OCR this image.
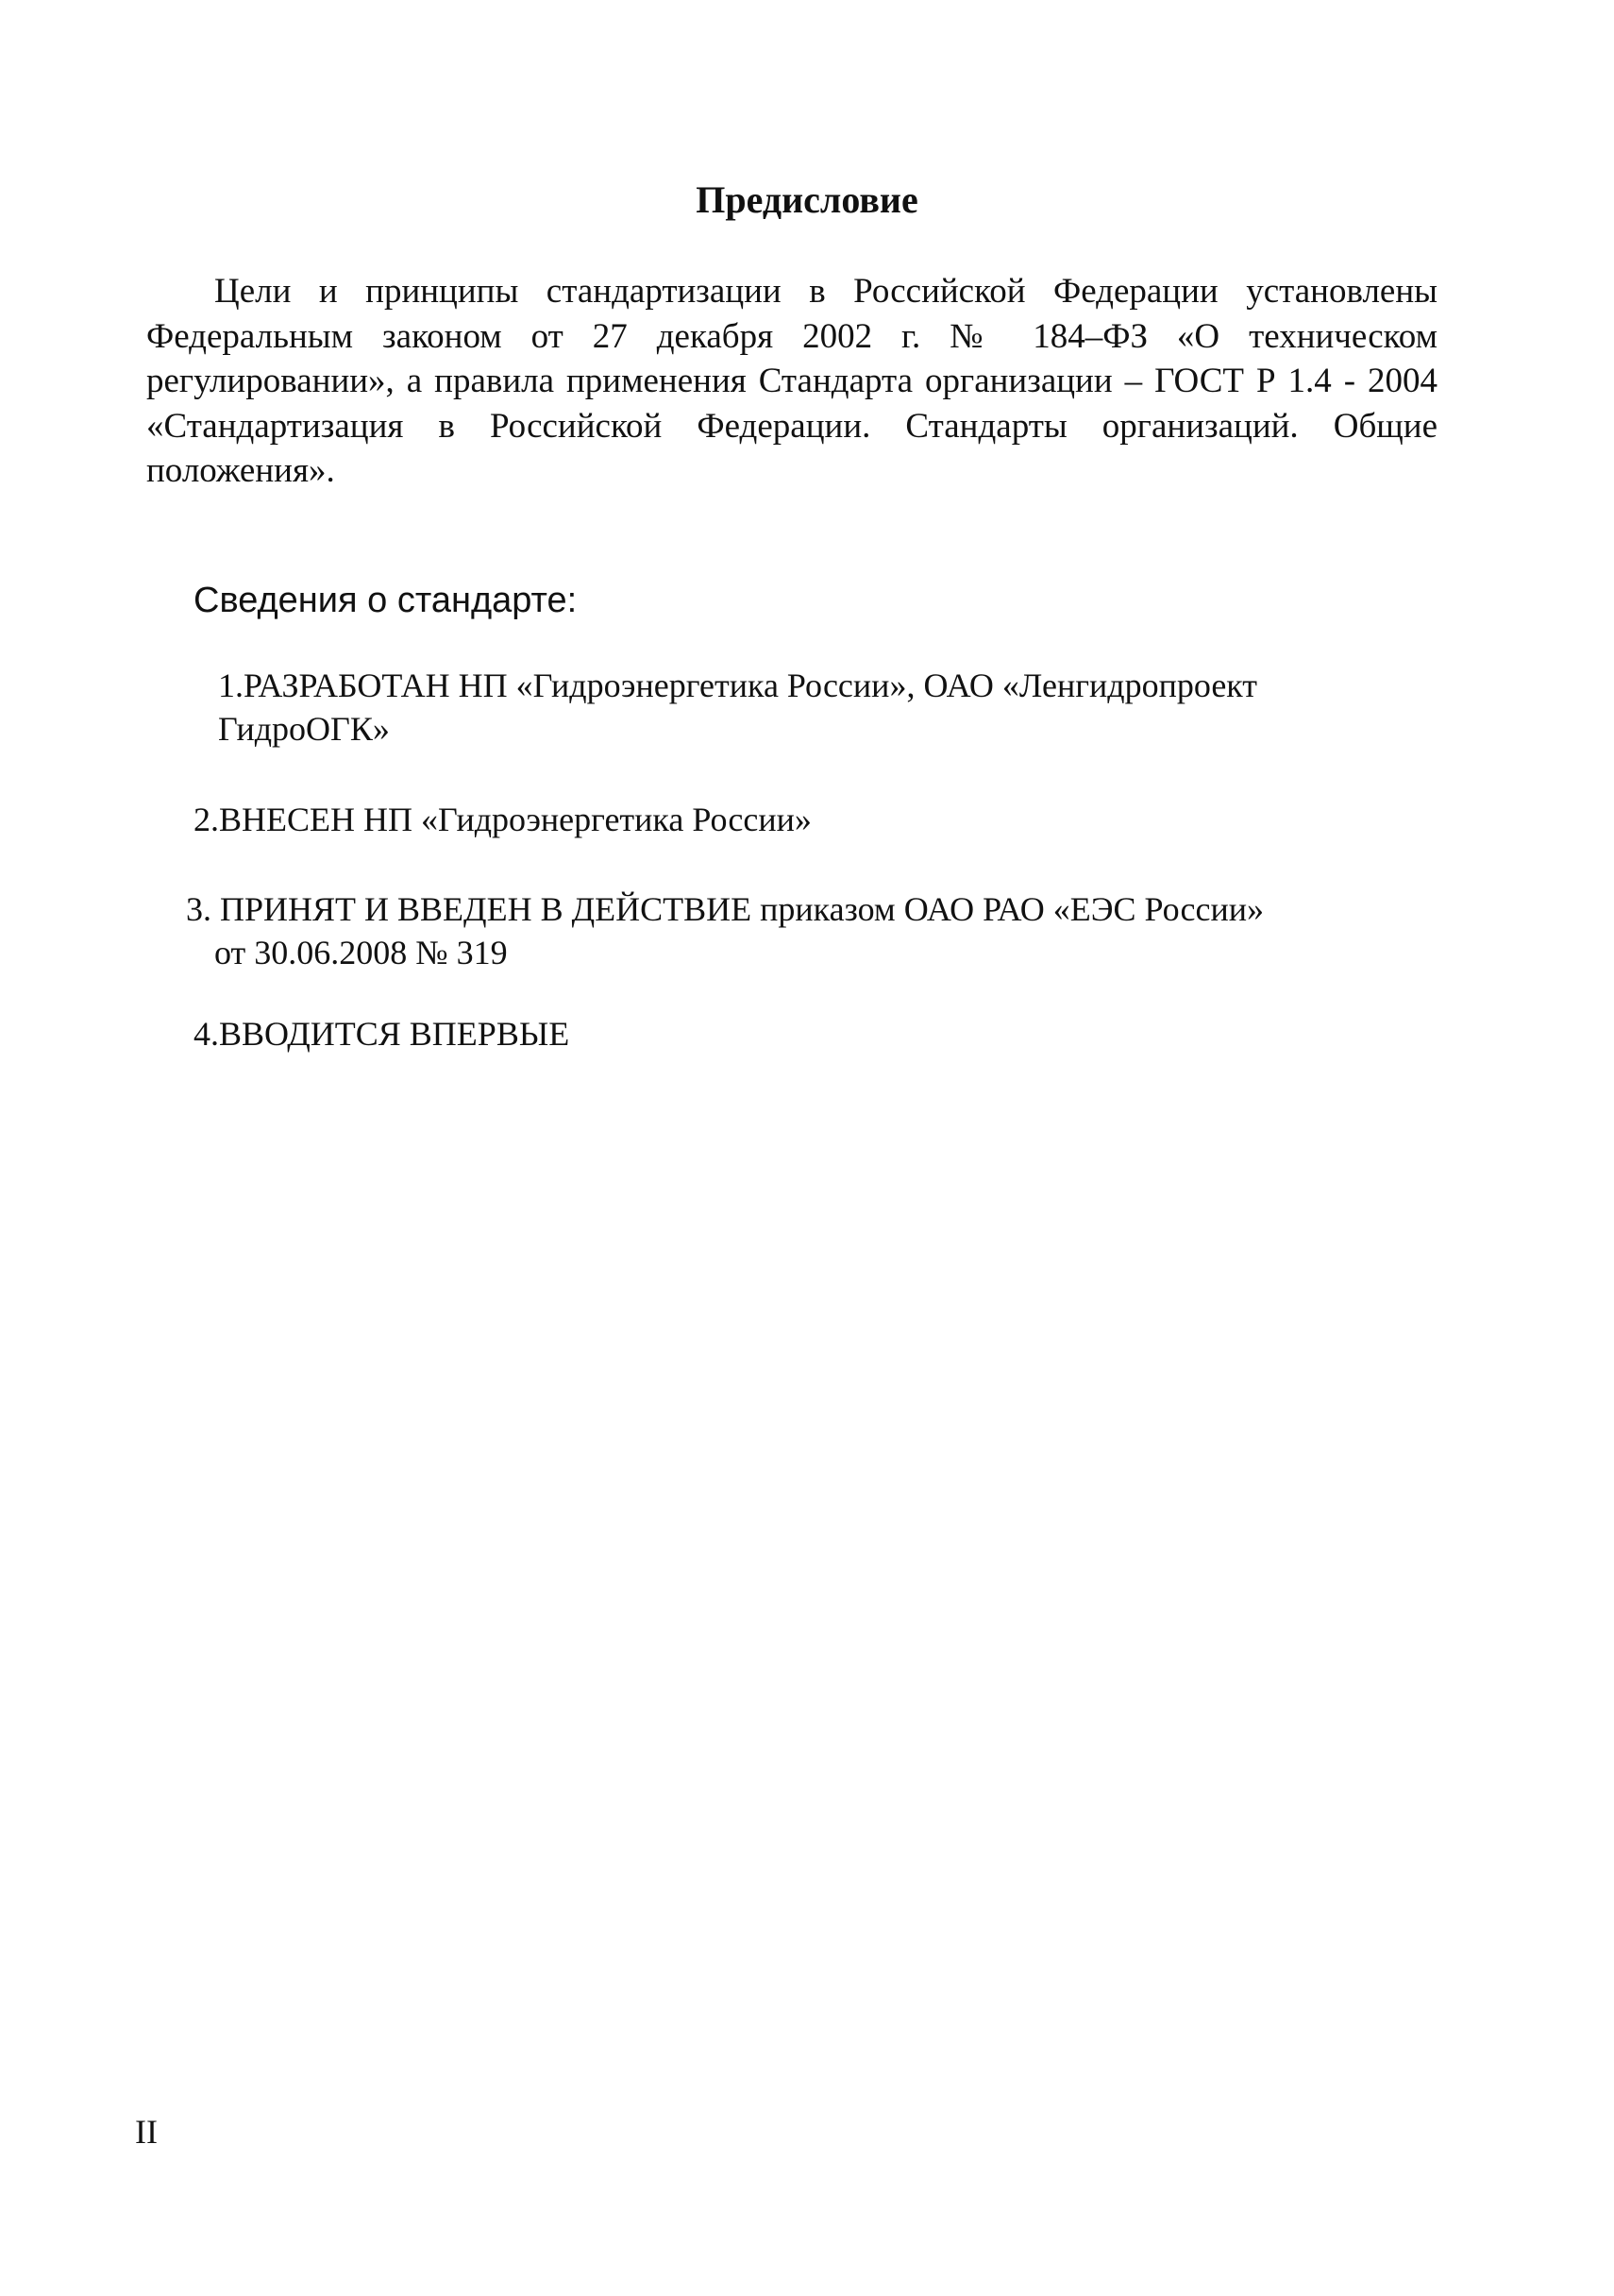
Предисловие

Цели и принципы стандартизации в Российской Федерации установлены Федеральным законом от 27 декабря 2002 г. № 184–ФЗ «О техническом регулировании», а правила применения Стандарта организации – ГОСТ Р 1.4 - 2004 «Стандартизация в Российской Федерации. Стандарты организаций. Общие положения».

Сведения о стандарте:
1.РАЗРАБОТАН НП «Гидроэнергетика России», ОАО «Ленгидропроект
ГидроОГК»
2.ВНЕСЕН НП «Гидроэнергетика России»
3. ПРИНЯТ И ВВЕДЕН В ДЕЙСТВИЕ приказом ОАО РАО «ЕЭС России»
от 30.06.2008 № 319
4.ВВОДИТСЯ ВПЕРВЫЕ
II
